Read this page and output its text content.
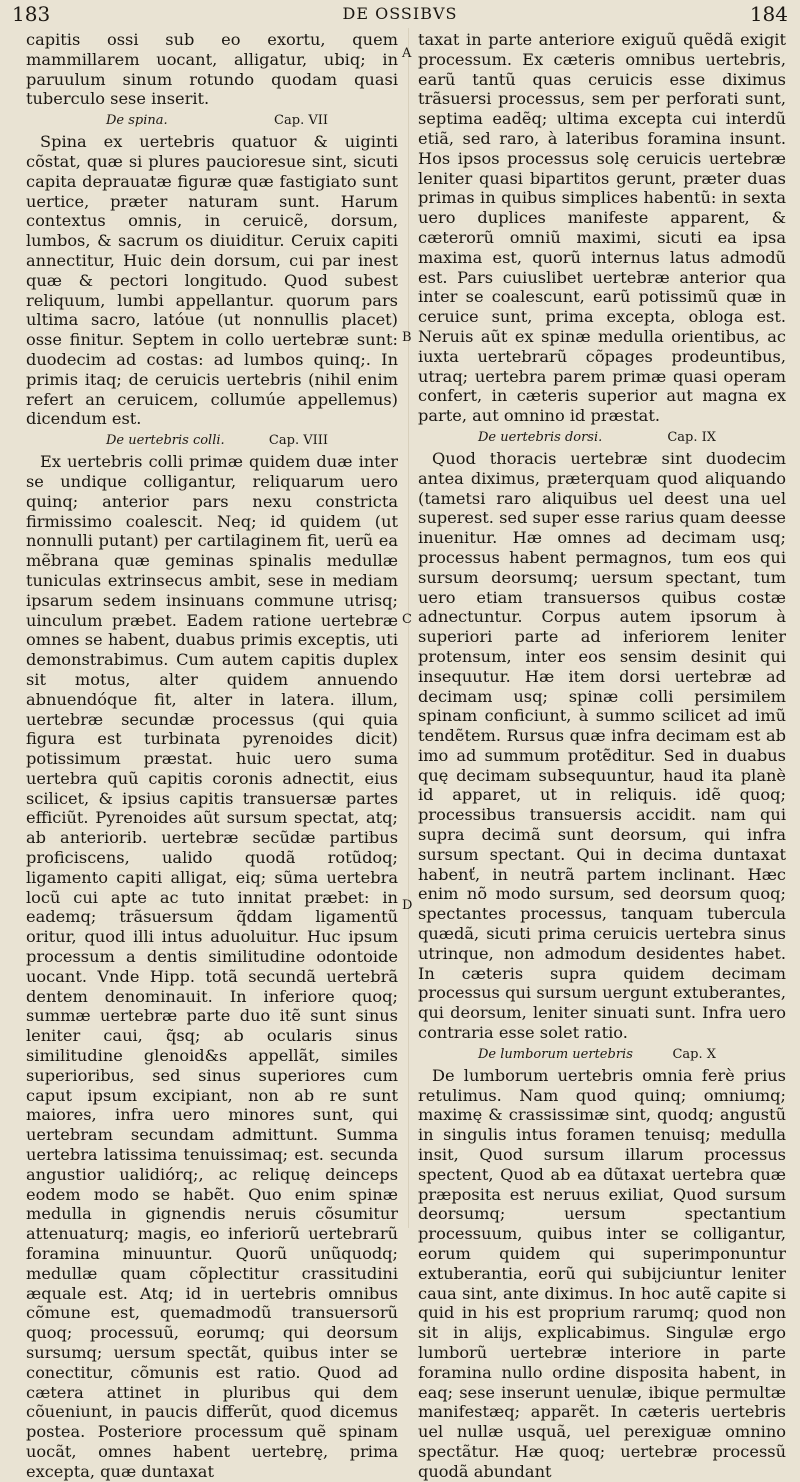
183	DE OSSIBVS	184
A
B
C
D

capitis ossi sub eo exortu, quem mammillarem uocant, alligatur, ubiq; in paruulum sinum rotundo quodam quasi tuberculo sese inserit.

De spina.	Cap. VII

Spina ex uertebris quatuor & uiginti cõstat, quæ si plures paucioresue sint, sicuti capita deprauatæ figuræ quæ fastigiato sunt uertice, præter naturam sunt. Harum contextus omnis, in ceruicẽ, dorsum, lumbos, & sacrum os diuiditur. Ceruix capiti annectitur, Huic dein dorsum, cui par inest quæ & pectori longitudo. Quod subest reliquum, lumbi appellantur. quorum pars ultima sacro, latóue (ut nonnullis placet) osse finitur. Septem in collo uertebræ sunt: duodecim ad costas: ad lumbos quinq;. In primis itaq; de ceruicis uertebris (nihil enim refert an ceruicem, collumúe appellemus) dicendum est.

De uertebris colli.	Cap. VIII

Ex uertebris colli primæ quidem duæ inter se undique colligantur, reliquarum uero quinq; anterior pars nexu constricta firmissimo coalescit. Neq; id quidem (ut nonnulli putant) per cartilaginem fit, uerũ ea mẽbrana quæ geminas spinalis medullæ tuniculas extrinsecus ambit, sese in mediam ipsarum sedem insinuans commune utrisq; uinculum præbet. Eadem ratione uertebræ omnes se habent, duabus primis exceptis, uti demonstrabimus. Cum autem capitis duplex sit motus, alter quidem annuendo abnuendóque fit, alter in latera. illum, uertebræ secundæ processus (qui quia figura est turbinata pyrenoides dicit) potissimum præstat. huic uero suma uertebra quũ capitis coronis adnectit, eius scilicet, & ipsius capitis transuersæ partes efficiũt. Pyrenoides aũt sursum spectat, atq; ab anteriorib. uertebræ secũdæ partibus proficiscens, ualido quodã rotũdoq; ligamento capiti alligat, eiq; sũma uertebra locũ cui apte ac tuto innitat præbet: in eademq; trãsuersum q̃ddam ligamentũ oritur, quod illi intus aduoluitur. Huc ipsum processum a dentis similitudine odontoide uocant. Vnde Hipp. totã secundã uertebrã dentem denominauit. In inferiore quoq; summæ uertebræ parte duo itẽ sunt sinus leniter caui, q̃sq; ab ocularis sinus similitudine glenoid&s appellãt, similes superioribus, sed sinus superiores cum caput ipsum excipiant, non ab re sunt maiores, infra uero minores sunt, qui uertebram secundam admittunt. Summa uertebra latissima tenuissimaq; est. secunda angustior ualidiórq;, ac reliquę deinceps eodem modo se habẽt. Quo enim spinæ medulla in gignendis neruis cõsumitur attenuaturq; magis, eo inferiorũ uertebrarũ foramina minuuntur. Quorũ unũquodq; medullæ quam cõplectitur crassitudini æquale est. Atq; id in uertebris omnibus cõmune est, quemadmodũ transuersorũ quoq; processuũ, eorumq; qui deorsum sursumq; uersum spectãt, quibus inter se conectitur, cõmunis est ratio. Quod ad cætera attinet in pluribus qui dem cõueniunt, in paucis differũt, quod dicemus postea. Posteriore processum quẽ spinam uocãt, omnes habent uertebrę, prima excepta, quæ duntaxat

taxat in parte anteriore exiguũ quẽdã exigit processum. Ex cæteris omnibus uertebris, earũ tantũ quas ceruicis esse diximus trãsuersi processus, sem per perforati sunt, septima eadẽq; ultima excepta cui interdũ etiã, sed raro, à lateribus foramina insunt. Hos ipsos processus solę ceruicis uertebræ leniter quasi bipartitos gerunt, præter duas primas in quibus simplices habentũ: in sexta uero duplices manifeste apparent, & cæterorũ omniũ maximi, sicuti ea ipsa maxima est, quorũ internus latus admodũ est. Pars cuiuslibet uertebræ anterior qua inter se coalescunt, earũ potissimũ quæ in ceruice sunt, prima excepta, obloga est. Neruis aũt ex spinæ medulla orientibus, ac iuxta uertebrarũ cõpages prodeuntibus, utraq; uertebra parem primæ quasi operam confert, in cæteris superior aut magna ex parte, aut omnino id præstat.

De uertebris dorsi.	Cap. IX

Quod thoracis uertebræ sint duodecim antea diximus, præterquam quod aliquando (tametsi raro aliquibus uel deest una uel superest. sed super esse rarius quam deesse inuenitur. Hæ omnes ad decimam usq; processus habent permagnos, tum eos qui sursum deorsumq; uersum spectant, tum uero etiam transuersos quibus costæ adnectuntur. Corpus autem ipsorum à superiori parte ad inferiorem leniter protensum, inter eos sensim desinit qui insequutur. Hæ item dorsi uertebræ ad decimam usq; spinæ colli persimilem spinam conficiunt, à summo scilicet ad imũ tendẽtem. Rursus quæ infra decimam est ab imo ad summum protẽditur. Sed in duabus quę decimam subsequuntur, haud ita planè id apparet, ut in reliquis. idẽ quoq; processibus transuersis accidit. nam qui supra decimã sunt deorsum, qui infra sursum spectant. Qui in decima duntaxat habenť, in neutrã partem inclinant. Hæc enim nõ modo sursum, sed deorsum quoq; spectantes processus, tanquam tubercula quædã, sicuti prima ceruicis uertebra sinus utrinque, non admodum desidentes habet. In cæteris supra quidem decimam processus qui sursum uergunt extuberantes, qui deorsum, leniter sinuati sunt. Infra uero contraria esse solet ratio.

De lumborum uertebris	Cap. X

De lumborum uertebris omnia ferè prius retulimus. Nam quod quinq; omniumq; maximę & crassissimæ sint, quodq; angustũ in singulis intus foramen tenuisq; medulla insit, Quod sursum illarum processus spectent, Quod ab ea dũtaxat uertebra quæ præposita est neruus exiliat, Quod sursum deorsumq; uersum spectantium processuum, quibus inter se colligantur, eorum quidem qui superimponuntur extuberantia, eorũ qui subijciuntur leniter caua sint, ante diximus. In hoc autẽ capite si quid in his est proprium rarumq; quod non sit in alijs, explicabimus. Singulæ ergo lumborũ uertebræ interiore in parte foramina nullo ordine disposita habent, in eaq; sese inserunt uenulæ, ibique permultæ manifestæq; apparẽt. In cæteris uertebris uel nullæ usquã, uel perexiguæ omnino spectãtur. Hæ quoq; uertebræ processũ quodã abundant
